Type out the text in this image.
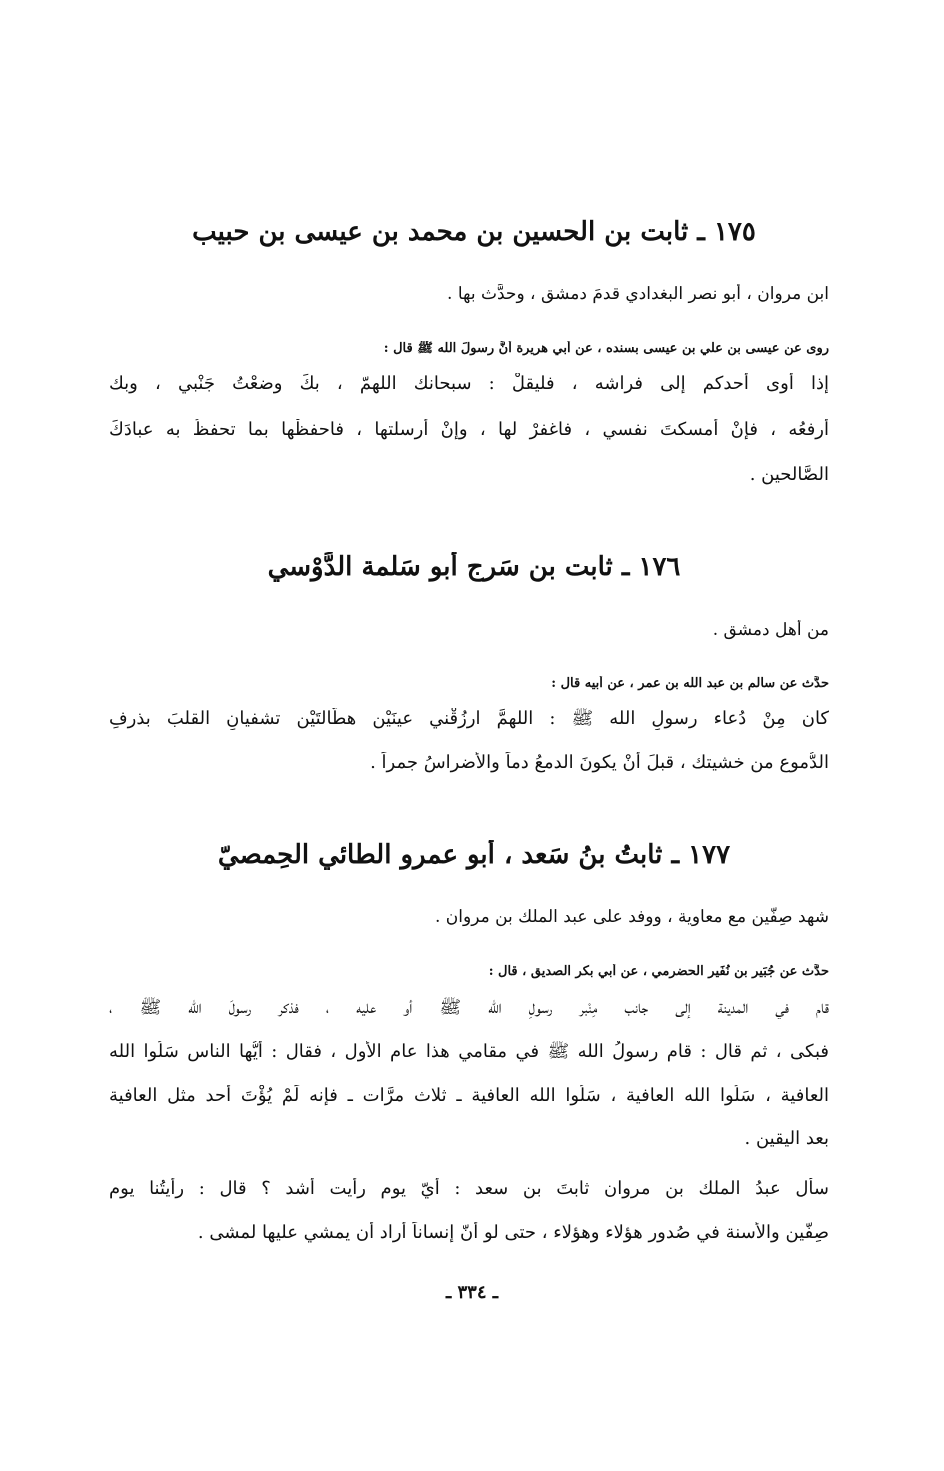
١٧٥ ـ ثابت بن الحسين بن محمد بن عيسى بن حبيب
ابن مروان ، أبو نصر البغدادي قدمَ دمشق ، وحدَّث بها .
روى عن عيسى بن علي بن عيسى بسنده ، عن أبي هريرة أنَّ رسولَ الله ﷺ قال :
إذا أوى أحدكم إلى فراشه ، فليقلْ : سبحانك اللهمّ ، بكَ وضعْتُ جَنْبي ، وبك
أرفعُه ، فإنْ أمسكتَ نفسي ، فاغفرْ لها ، وإنْ أرسلتها ، فاحفظْها بما تحفظُ به عبادَكَ
الصَّالحين .
١٧٦ ـ ثابت بن سَرج أبو سَلمة الدَّوْسي
من أهل دمشق .
حدَّث عن سالم بن عبد الله بن عمر ، عن أبيه قال :
كان مِنْ دُعاء رسولِ الله ﷺ : اللهمَّ ارزُقْني عينَيْن هطَّالتَيْن تشفيانِ القلبَ بذرفِ
الدُّموع من خشيتك ، قبلَ أنْ يكونَ الدمعُ دماً والأضراسُ جمراً .
١٧٧ ـ ثابتُ بنُ سَعد ، أبو عمرو الطائي الحِمصيّ
شهد صِفّين مع معاوية ، ووفد على عبد الملك بن مروان .
حدَّث عن جُبَير بن نُفَير الحضرمي ، عن أبي بكر الصديق ، قال :
قام في المدينة إلى جانب مِنْبر رسولِ الله ﷺ أو عليه ، فذكر رسولَ الله ﷺ ،
فبكى ، ثم قال : قام رسولُ الله ﷺ في مقامي هذا عام الأول ، فقال : أيُّها الناس سَلُوا الله
العافية ، سَلُوا الله العافية ، سَلُوا الله العافية ـ ثلاث مرَّات ـ فإنه لَمْ يُؤْتَ أحد مثل العافية
بعد اليقين .
سأل عبدُ الملك بن مروان ثابتَ بن سعد : أيّ يوم رأيت أشد ؟ قال : رأيتُنا يوم
صِفّين والأسنة في صُدور هؤلاء وهؤلاء ، حتى لو أنّ إنساناً أراد أن يمشي عليها لمشى .
ـ ٣٣٤ ـ
